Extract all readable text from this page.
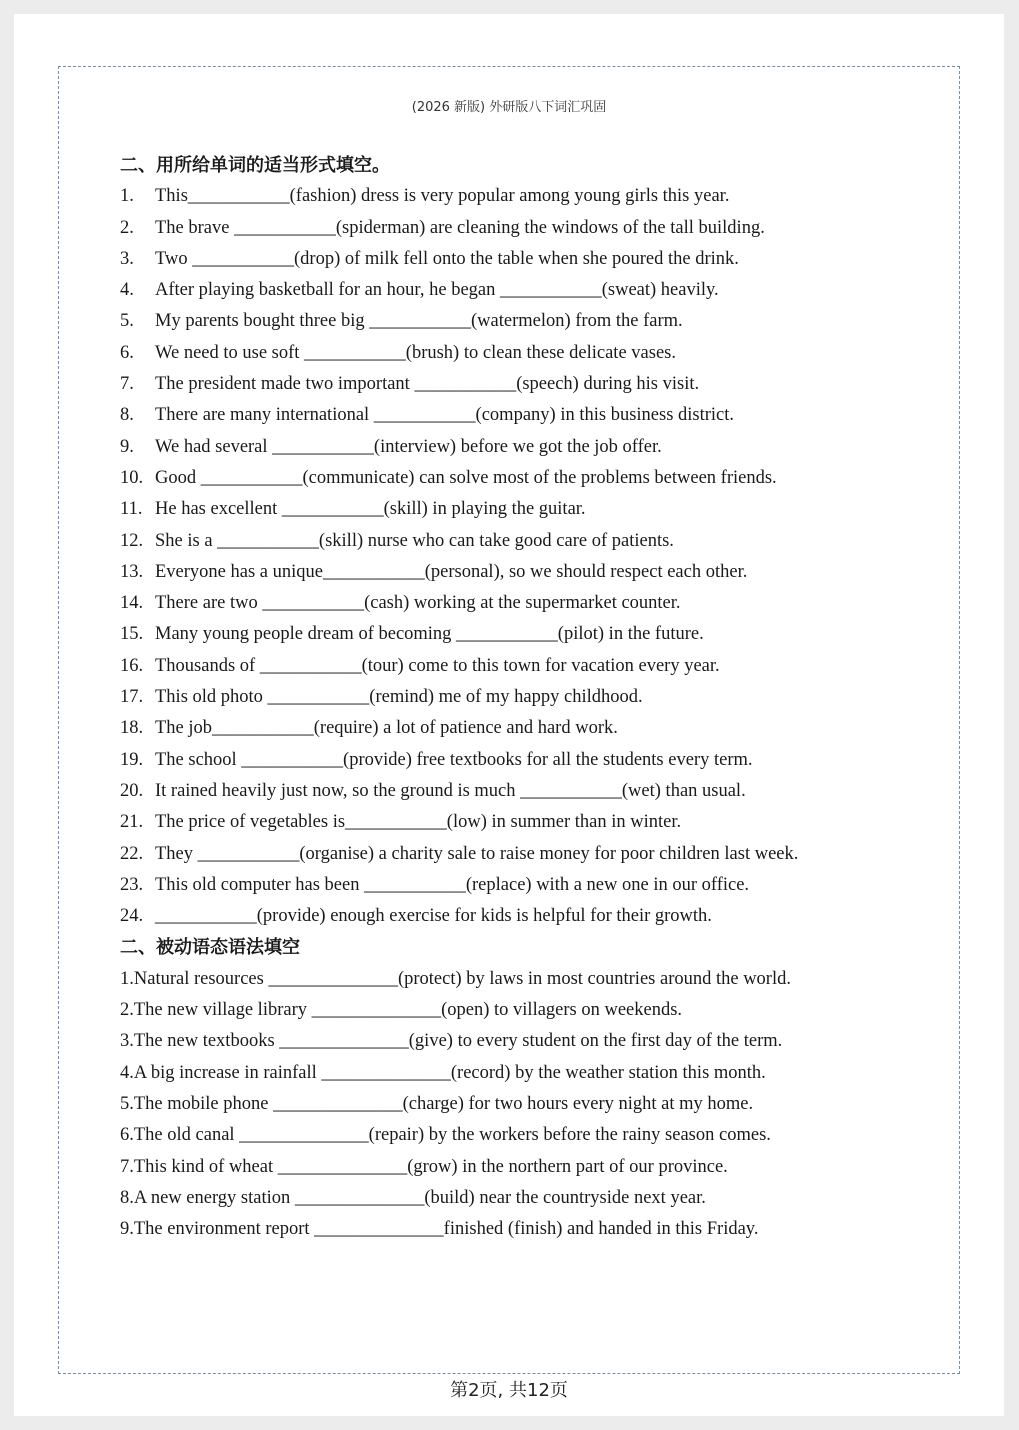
(2026 新版) 外研版八下词汇巩固
二、用所给单词的适当形式填空。
1. This___________(fashion) dress is very popular among young girls this year.
2. The brave ___________(spiderman) are cleaning the windows of the tall building.
3. Two ___________(drop) of milk fell onto the table when she poured the drink.
4. After playing basketball for an hour, he began ___________(sweat) heavily.
5. My parents bought three big ___________(watermelon) from the farm.
6. We need to use soft ___________(brush) to clean these delicate vases.
7. The president made two important ___________(speech) during his visit.
8. There are many international ___________(company) in this business district.
9. We had several ___________(interview) before we got the job offer.
10. Good ___________(communicate) can solve most of the problems between friends.
11. He has excellent ___________(skill) in playing the guitar.
12. She is a ___________(skill) nurse who can take good care of patients.
13. Everyone has a unique___________(personal), so we should respect each other.
14. There are two ___________(cash) working at the supermarket counter.
15. Many young people dream of becoming ___________(pilot) in the future.
16. Thousands of ___________(tour) come to this town for vacation every year.
17. This old photo ___________(remind) me of my happy childhood.
18. The job___________(require) a lot of patience and hard work.
19. The school ___________(provide) free textbooks for all the students every term.
20. It rained heavily just now, so the ground is much ___________(wet) than usual.
21. The price of vegetables is___________(low) in summer than in winter.
22. They ___________(organise) a charity sale to raise money for poor children last week.
23. This old computer has been ___________(replace) with a new one in our office.
24. ___________(provide) enough exercise for kids is helpful for their growth.
二、被动语态语法填空
1.Natural resources ______________(protect) by laws in most countries around the world.
2.The new village library ______________(open) to villagers on weekends.
3.The new textbooks ______________(give) to every student on the first day of the term.
4.A big increase in rainfall ______________(record) by the weather station this month.
5.The mobile phone ______________(charge) for two hours every night at my home.
6.The old canal ______________(repair) by the workers before the rainy season comes.
7.This kind of wheat ______________(grow) in the northern part of our province.
8.A new energy station ______________(build) near the countryside next year.
9.The environment report ______________finished (finish) and handed in this Friday.
第2页, 共12页
